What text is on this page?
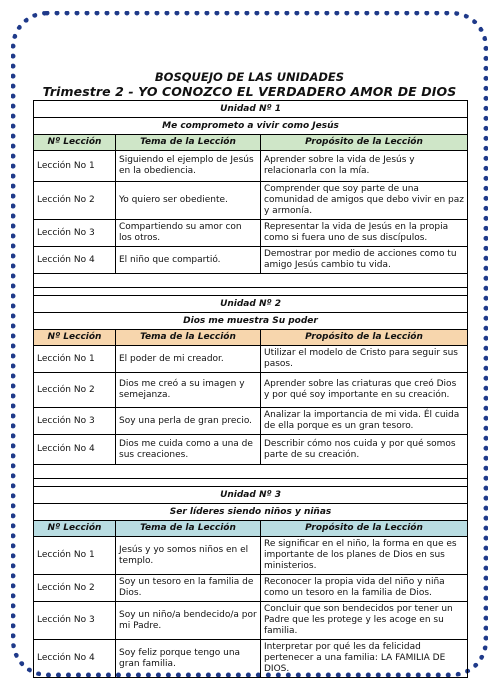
BOSQUEJO DE LAS UNIDADES
Trimestre 2 - YO CONOZCO EL VERDADERO AMOR DE DIOS
Unidad Nº 1		
Me comprometo a vivir como Jesús		
Nº Lección	Tema de la Lección	Propósito de la Lección
Lección No 1	Siguiendo el ejemplo de Jesús en la obediencia.	Aprender sobre la vida de Jesús y relacionarla con la mía.
Lección No 2	Yo quiero ser obediente.	Comprender que soy parte de una comunidad de amigos que debo vivir en paz y armonía.
Lección No 3	Compartiendo su amor con los otros.	Representar la vida de Jesús en la propia como si fuera uno de sus discípulos.
Lección No 4	El niño que compartió.	Demostrar por medio de acciones como tu amigo Jesús cambio tu vida.

Unidad Nº 2		
Dios me muestra Su poder		
Nº Lección	Tema de la Lección	Propósito de la Lección
Lección No 1	El poder de mi creador.	Utilizar el modelo de Cristo para seguir sus pasos.
Lección No 2	Dios me creó a su imagen y semejanza.	Aprender sobre las criaturas que creó Dios y por qué soy importante en su creación.
Lección No 3	Soy una perla de gran precio.	Analizar la importancia de mi vida. Él cuida de ella porque es un gran tesoro.
Lección No 4	Dios me cuida como a una de sus creaciones.	Describir cómo nos cuida y por qué somos parte de su creación.

Unidad Nº 3		
Ser líderes siendo niños y niñas		
Nº Lección	Tema de la Lección	Propósito de la Lección
Lección No 1	Jesús y yo somos niños en el templo.	Re significar en el niño, la forma en que es importante de los planes de Dios en sus ministerios.
Lección No 2	Soy un tesoro en la familia de Dios.	Reconocer la propia vida del niño y niña como un tesoro en la familia de Dios.
Lección No 3	Soy un niño/a bendecido/a por mi Padre.	Concluir que son bendecidos por tener un Padre que les protege y les acoge en su familia.
Lección No 4	Soy feliz porque tengo una gran familia.	Interpretar por qué les da felicidad pertenecer a una familia: LA FAMILIA DE DIOS.
